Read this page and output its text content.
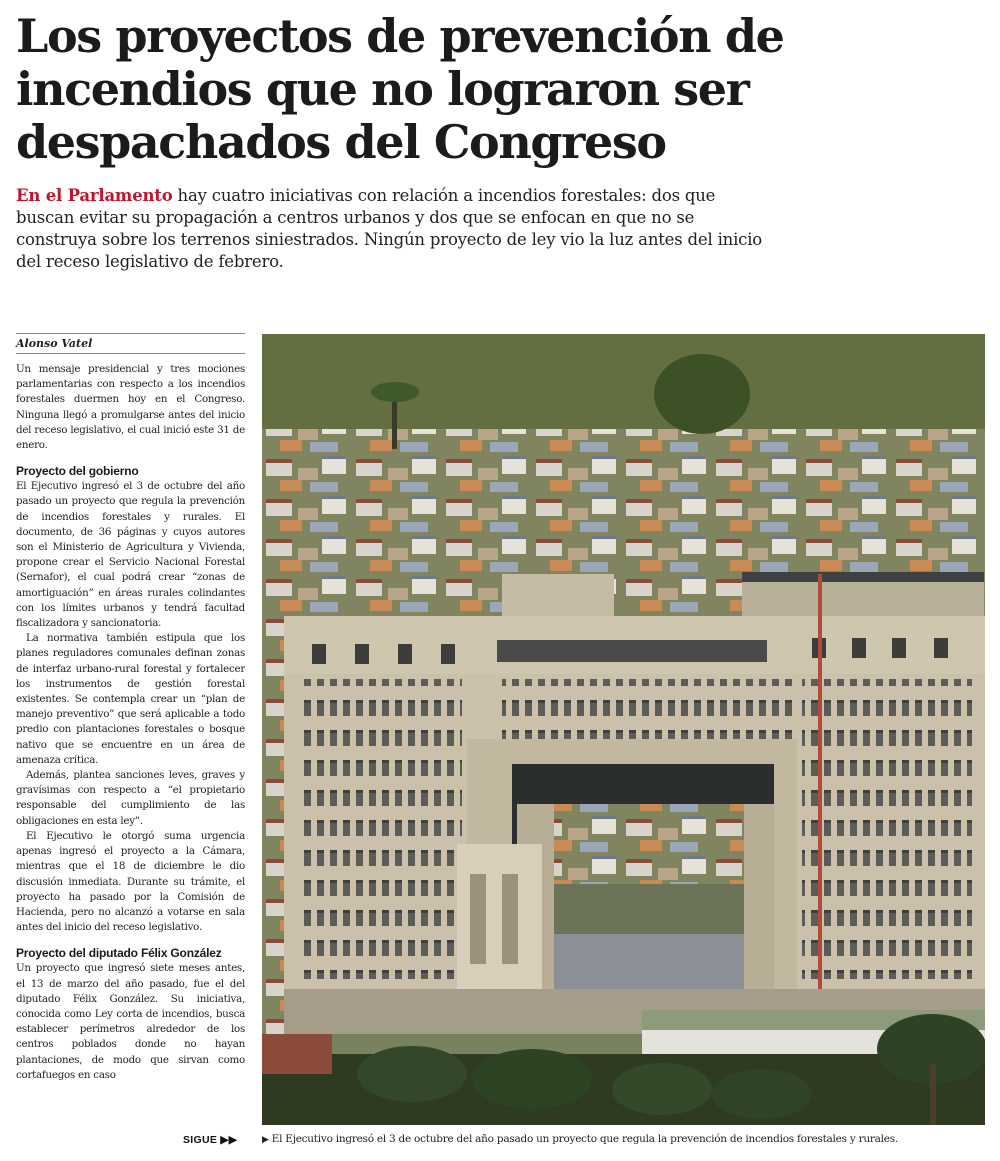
Los proyectos de prevención de
incendios que no lograron ser
despachados del Congreso

En el Parlamento hay cuatro iniciativas con relación a incendios forestales: dos que buscan evitar su propagación a centros urbanos y dos que se enfocan en que no se construya sobre los terrenos siniestrados. Ningún proyecto de ley vio la luz antes del inicio del receso legislativo de febrero.

Alonso Vatel

Un mensaje presidencial y tres mociones parlamentarias con respecto a los incendios forestales duermen hoy en el Congreso. Ninguna llegó a promulgarse antes del inicio del receso legislativo, el cual inició este 31 de enero.

Proyecto del gobierno

El Ejecutivo ingresó el 3 de octubre del año pasado un proyecto que regula la prevención de incendios forestales y rurales. El documento, de 36 páginas y cuyos autores son el Ministerio de Agricultura y Vivienda, propone crear el Servicio Nacional Forestal (Sernafor), el cual podrá crear “zonas de amortiguación” en áreas rurales colindantes con los límites urbanos y tendrá facultad fiscalizadora y sancionatoria.

La normativa también estipula que los planes reguladores comunales definan zonas de interfaz urbano-rural forestal y fortalecer los instrumentos de gestión forestal existentes. Se contempla crear un “plan de manejo preventivo” que será aplicable a todo predio con plantaciones forestales o bosque nativo que se encuentre en un área de amenaza crítica.

Además, plantea sanciones leves, graves y gravísimas con respecto a “el propietario responsable del cumplimiento de las obligaciones en esta ley”.

El Ejecutivo le otorgó suma urgencia apenas ingresó el proyecto a la Cámara, mientras que el 18 de diciembre le dio discusión inmediata. Durante su trámite, el proyecto ha pasado por la Comisión de Hacienda, pero no alcanzó a votarse en sala antes del inicio del receso legislativo.

Proyecto del diputado Félix González

Un proyecto que ingresó siete meses antes, el 13 de marzo del año pasado, fue el del diputado Félix González. Su iniciativa, conocida como Ley corta de incendios, busca establecer perímetros alrededor de los centros poblados donde no hayan plantaciones, de modo que sirvan como cortafuegos en caso

SIGUE ▶▶	▶ El Ejecutivo ingresó el 3 de octubre del año pasado un proyecto que regula la prevención de incendios forestales y rurales.
